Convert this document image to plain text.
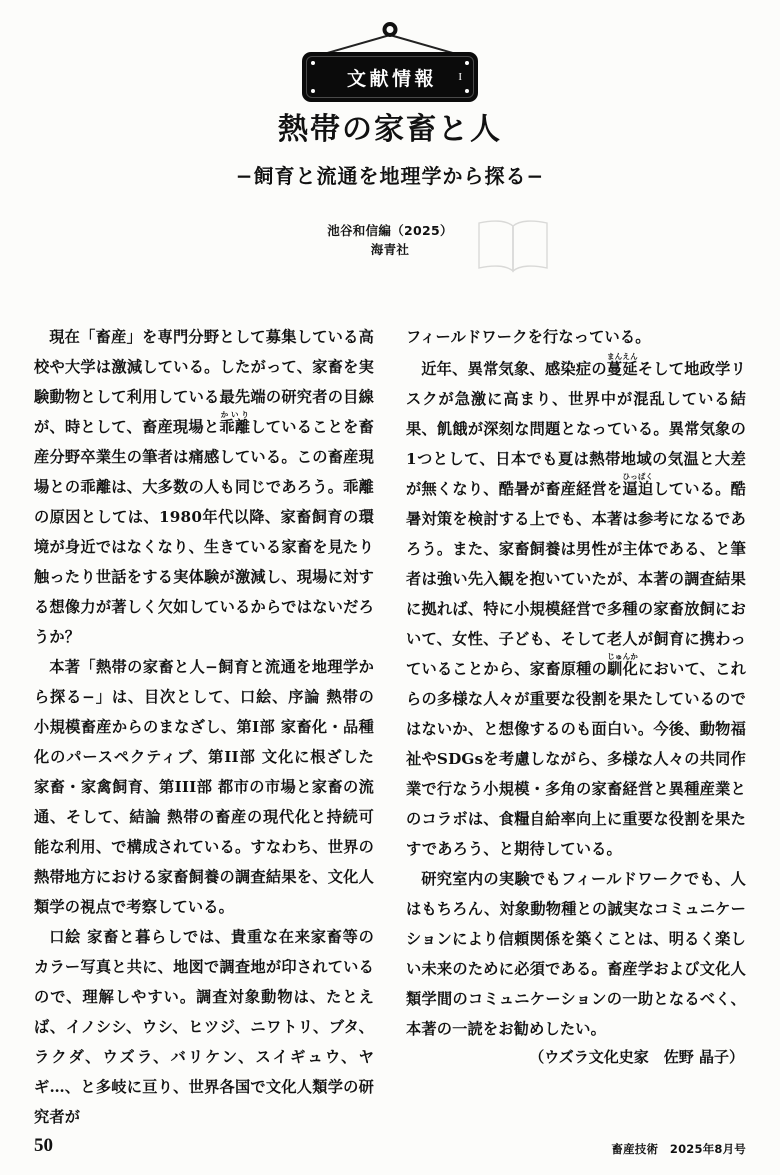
文献情報	I
熱帯の家畜と人
−飼育と流通を地理学から探る−
池谷和信編（2025）
海青社

現在「畜産」を専門分野として募集している高校や大学は激減している。したがって、家畜を実験動物として利用している最先端の研究者の目線が、時として、畜産現場と乖離かいりしていることを畜産分野卒業生の筆者は痛感している。この畜産現場との乖離は、大多数の人も同じであろう。乖離の原因としては、1980年代以降、家畜飼育の環境が身近ではなくなり、生きている家畜を見たり触ったり世話をする実体験が激減し、現場に対する想像力が著しく欠如しているからではないだろうか？

本著「熱帯の家畜と人−飼育と流通を地理学から探る−」は、目次として、口絵、序論 熱帯の小規模畜産からのまなざし、第I部 家畜化・品種化のパースペクティブ、第II部 文化に根ざした家畜・家禽飼育、第III部 都市の市場と家畜の流通、そして、結論 熱帯の畜産の現代化と持続可能な利用、で構成されている。すなわち、世界の熱帯地方における家畜飼養の調査結果を、文化人類学の視点で考察している。

口絵 家畜と暮らしでは、貴重な在来家畜等のカラー写真と共に、地図で調査地が印されているので、理解しやすい。調査対象動物は、たとえば、イノシシ、ウシ、ヒツジ、ニワトリ、ブタ、ラクダ、ウズラ、バリケン、スイギュウ、ヤギ…、と多岐に亘り、世界各国で文化人類学の研究者が

フィールドワークを行なっている。

近年、異常気象、感染症の蔓延まんえんそして地政学リスクが急激に高まり、世界中が混乱している結果、飢餓が深刻な問題となっている。異常気象の1つとして、日本でも夏は熱帯地域の気温と大差が無くなり、酷暑が畜産経営を逼迫ひっぱくしている。酷暑対策を検討する上でも、本著は参考になるであろう。また、家畜飼養は男性が主体である、と筆者は強い先入観を抱いていたが、本著の調査結果に拠れば、特に小規模経営で多種の家畜放飼において、女性、子ども、そして老人が飼育に携わっていることから、家畜原種の馴化じゅんかにおいて、これらの多様な人々が重要な役割を果たしているのではないか、と想像するのも面白い。今後、動物福祉やSDGsを考慮しながら、多様な人々の共同作業で行なう小規模・多角の家畜経営と異種産業とのコラボは、食糧自給率向上に重要な役割を果たすであろう、と期待している。

研究室内の実験でもフィールドワークでも、人はもちろん、対象動物種との誠実なコミュニケーションにより信頼関係を築くことは、明るく楽しい未来のために必須である。畜産学および文化人類学間のコミュニケーションの一助となるべく、本著の一読をお勧めしたい。

（ウズラ文化史家　佐野 晶子）

50	畜産技術　2025年8月号
